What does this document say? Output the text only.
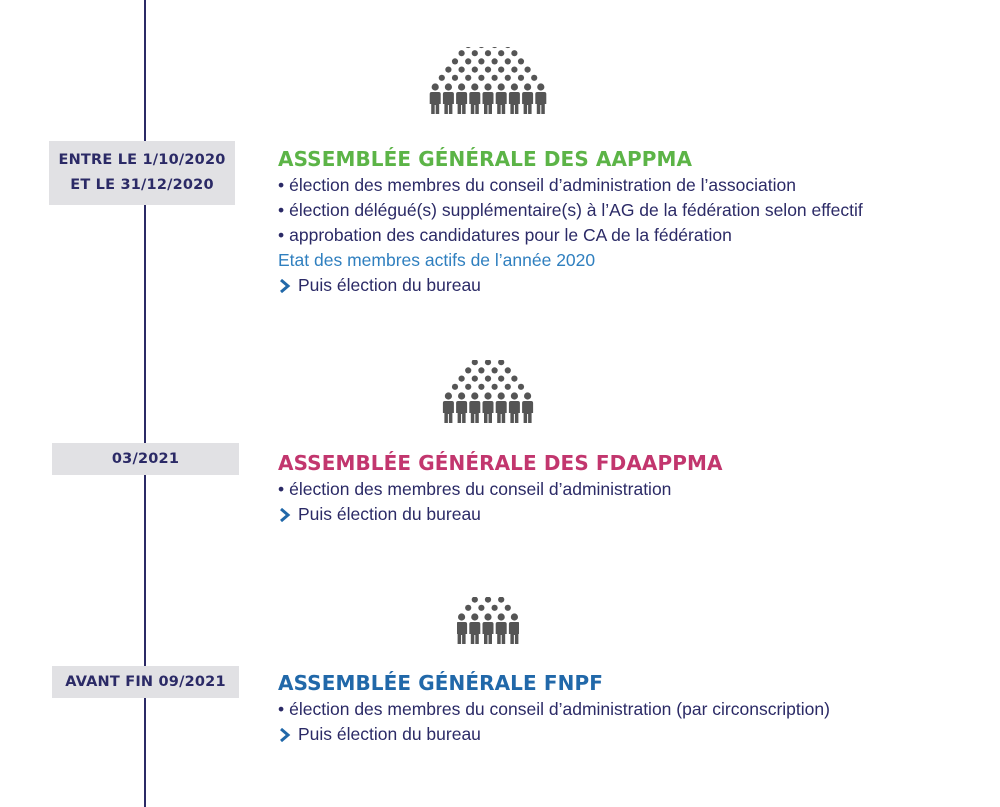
ENTRE LE 1/10/2020
ET LE 31/12/2020
ASSEMBLÉE GÉNÉRALE DES AAPPMA
• élection des membres du conseil d’administration de l’association
• élection délégué(s) supplémentaire(s) à l’AG de la fédération selon effectif
• approbation des candidatures pour le CA de la fédération
Etat des membres actifs de l’année 2020
Puis élection du bureau
03/2021	ASSEMBLÉE GÉNÉRALE DES FDAAPPMA
• élection des membres du conseil d’administration
Puis élection du bureau
AVANT FIN 09/2021	ASSEMBLÉE GÉNÉRALE FNPF
• élection des membres du conseil d’administration (par circonscription)
Puis élection du bureau
